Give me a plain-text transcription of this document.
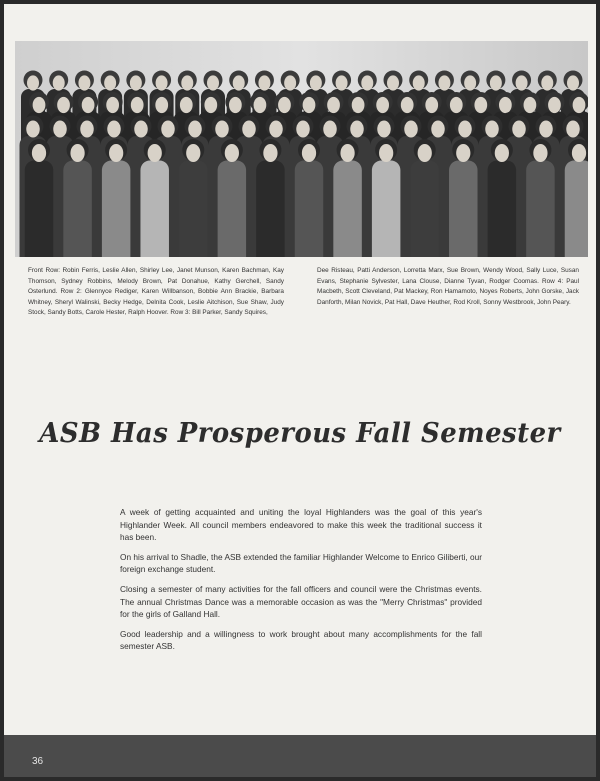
Front Row: Robin Ferris, Leslie Allen, Shirley Lee, Janet Munson, Karen Bachman, Kay Thomson, Sydney Robbins, Melody Brown, Pat Donahue, Kathy Gerchell, Sandy Osterlund. Row 2: Glennyce Rediger, Karen Willbanson, Bobbie Ann Brackie, Barbara Whitney, Sheryl Walinski, Becky Hedge, Delnita Cook, Leslie Aitchison, Sue Shaw, Judy Stock, Sandy Botts, Carole Hester, Ralph Hoover. Row 3: Bill Parker, Sandy Squires,
Dee Risteau, Patti Anderson, Lorretta Marx, Sue Brown, Wendy Wood, Sally Luce, Susan Evans, Stephanie Sylvester, Lana Clouse, Dianne Tyvan, Rodger Coomas. Row 4: Paul Macbeth, Scott Cleveland, Pat Mackey, Ron Hamamoto, Noyes Roberts, John Gorske, Jack Danforth, Milan Novick, Pat Hall, Dave Heuther, Rod Kroll, Sonny Westbrook, John Peary.
ASB Has Prosperous Fall Semester

A week of getting acquainted and uniting the loyal Highlanders was the goal of this year's Highlander Week. All council members endeavored to make this week the traditional success it has been.

On his arrival to Shadle, the ASB extended the familiar Highlander Welcome to Enrico Giliberti, our foreign exchange student.

Closing a semester of many activities for the fall officers and council were the Christmas events. The annual Christmas Dance was a memorable occasion as was the "Merry Christmas" provided for the girls of Galland Hall.

Good leadership and a willingness to work brought about many accomplishments for the fall semester ASB.

36
